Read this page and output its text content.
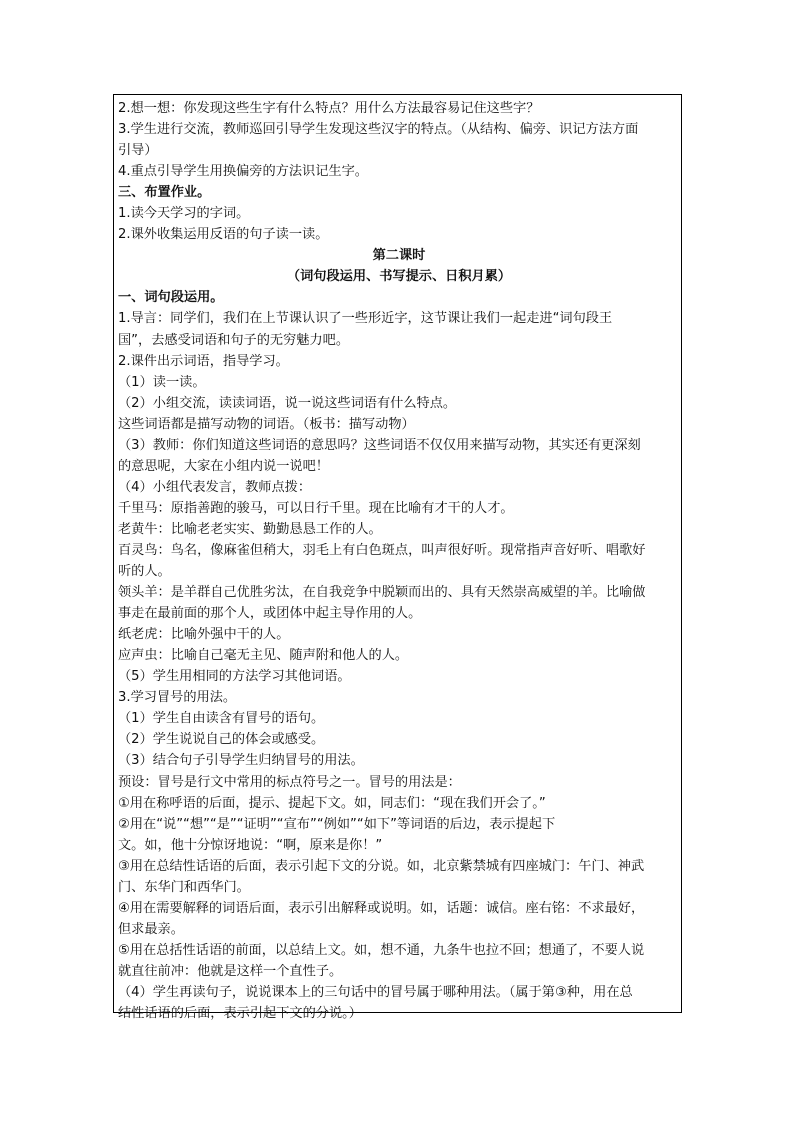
2.想一想：你发现这些生字有什么特点？用什么方法最容易记住这些字？
3.学生进行交流，教师巡回引导学生发现这些汉字的特点。（从结构、偏旁、识记方法方面
引导）
4.重点引导学生用换偏旁的方法识记生字。
三、布置作业。
1.读今天学习的字词。
2.课外收集运用反语的句子读一读。
第二课时
（词句段运用、书写提示、日积月累）
一、词句段运用。
1.导言：同学们，我们在上节课认识了一些形近字，这节课让我们一起走进“词句段王
国”，去感受词语和句子的无穷魅力吧。
2.课件出示词语，指导学习。
（1）读一读。
（2）小组交流，读读词语，说一说这些词语有什么特点。
这些词语都是描写动物的词语。（板书：描写动物）
（3）教师：你们知道这些词语的意思吗？这些词语不仅仅用来描写动物，其实还有更深刻
的意思呢，大家在小组内说一说吧！
（4）小组代表发言，教师点拨：
千里马：原指善跑的骏马，可以日行千里。现在比喻有才干的人才。
老黄牛：比喻老老实实、勤勤恳恳工作的人。
百灵鸟：鸟名，像麻雀但稍大，羽毛上有白色斑点，叫声很好听。现常指声音好听、唱歌好
听的人。
领头羊：是羊群自己优胜劣汰，在自我竞争中脱颖而出的、具有天然崇高威望的羊。比喻做
事走在最前面的那个人，或团体中起主导作用的人。
纸老虎：比喻外强中干的人。
应声虫：比喻自己毫无主见、随声附和他人的人。
（5）学生用相同的方法学习其他词语。
3.学习冒号的用法。
（1）学生自由读含有冒号的语句。
（2）学生说说自己的体会或感受。
（3）结合句子引导学生归纳冒号的用法。
预设：冒号是行文中常用的标点符号之一。冒号的用法是：
①用在称呼语的后面，提示、提起下文。如，同志们：“现在我们开会了。”
②用在“说”“想”“是”“证明”“宣布”“例如”“如下”等词语的后边，表示提起下
文。如，他十分惊讶地说：“啊，原来是你！”
③用在总结性话语的后面，表示引起下文的分说。如，北京紫禁城有四座城门：午门、神武
门、东华门和西华门。
④用在需要解释的词语后面，表示引出解释或说明。如，话题：诚信。座右铭：不求最好，
但求最亲。
⑤用在总括性话语的前面，以总结上文。如，想不通，九条牛也拉不回；想通了，不要人说
就直往前冲：他就是这样一个直性子。
（4）学生再读句子，说说课本上的三句话中的冒号属于哪种用法。（属于第③种，用在总
结性话语的后面，表示引起下文的分说。）
